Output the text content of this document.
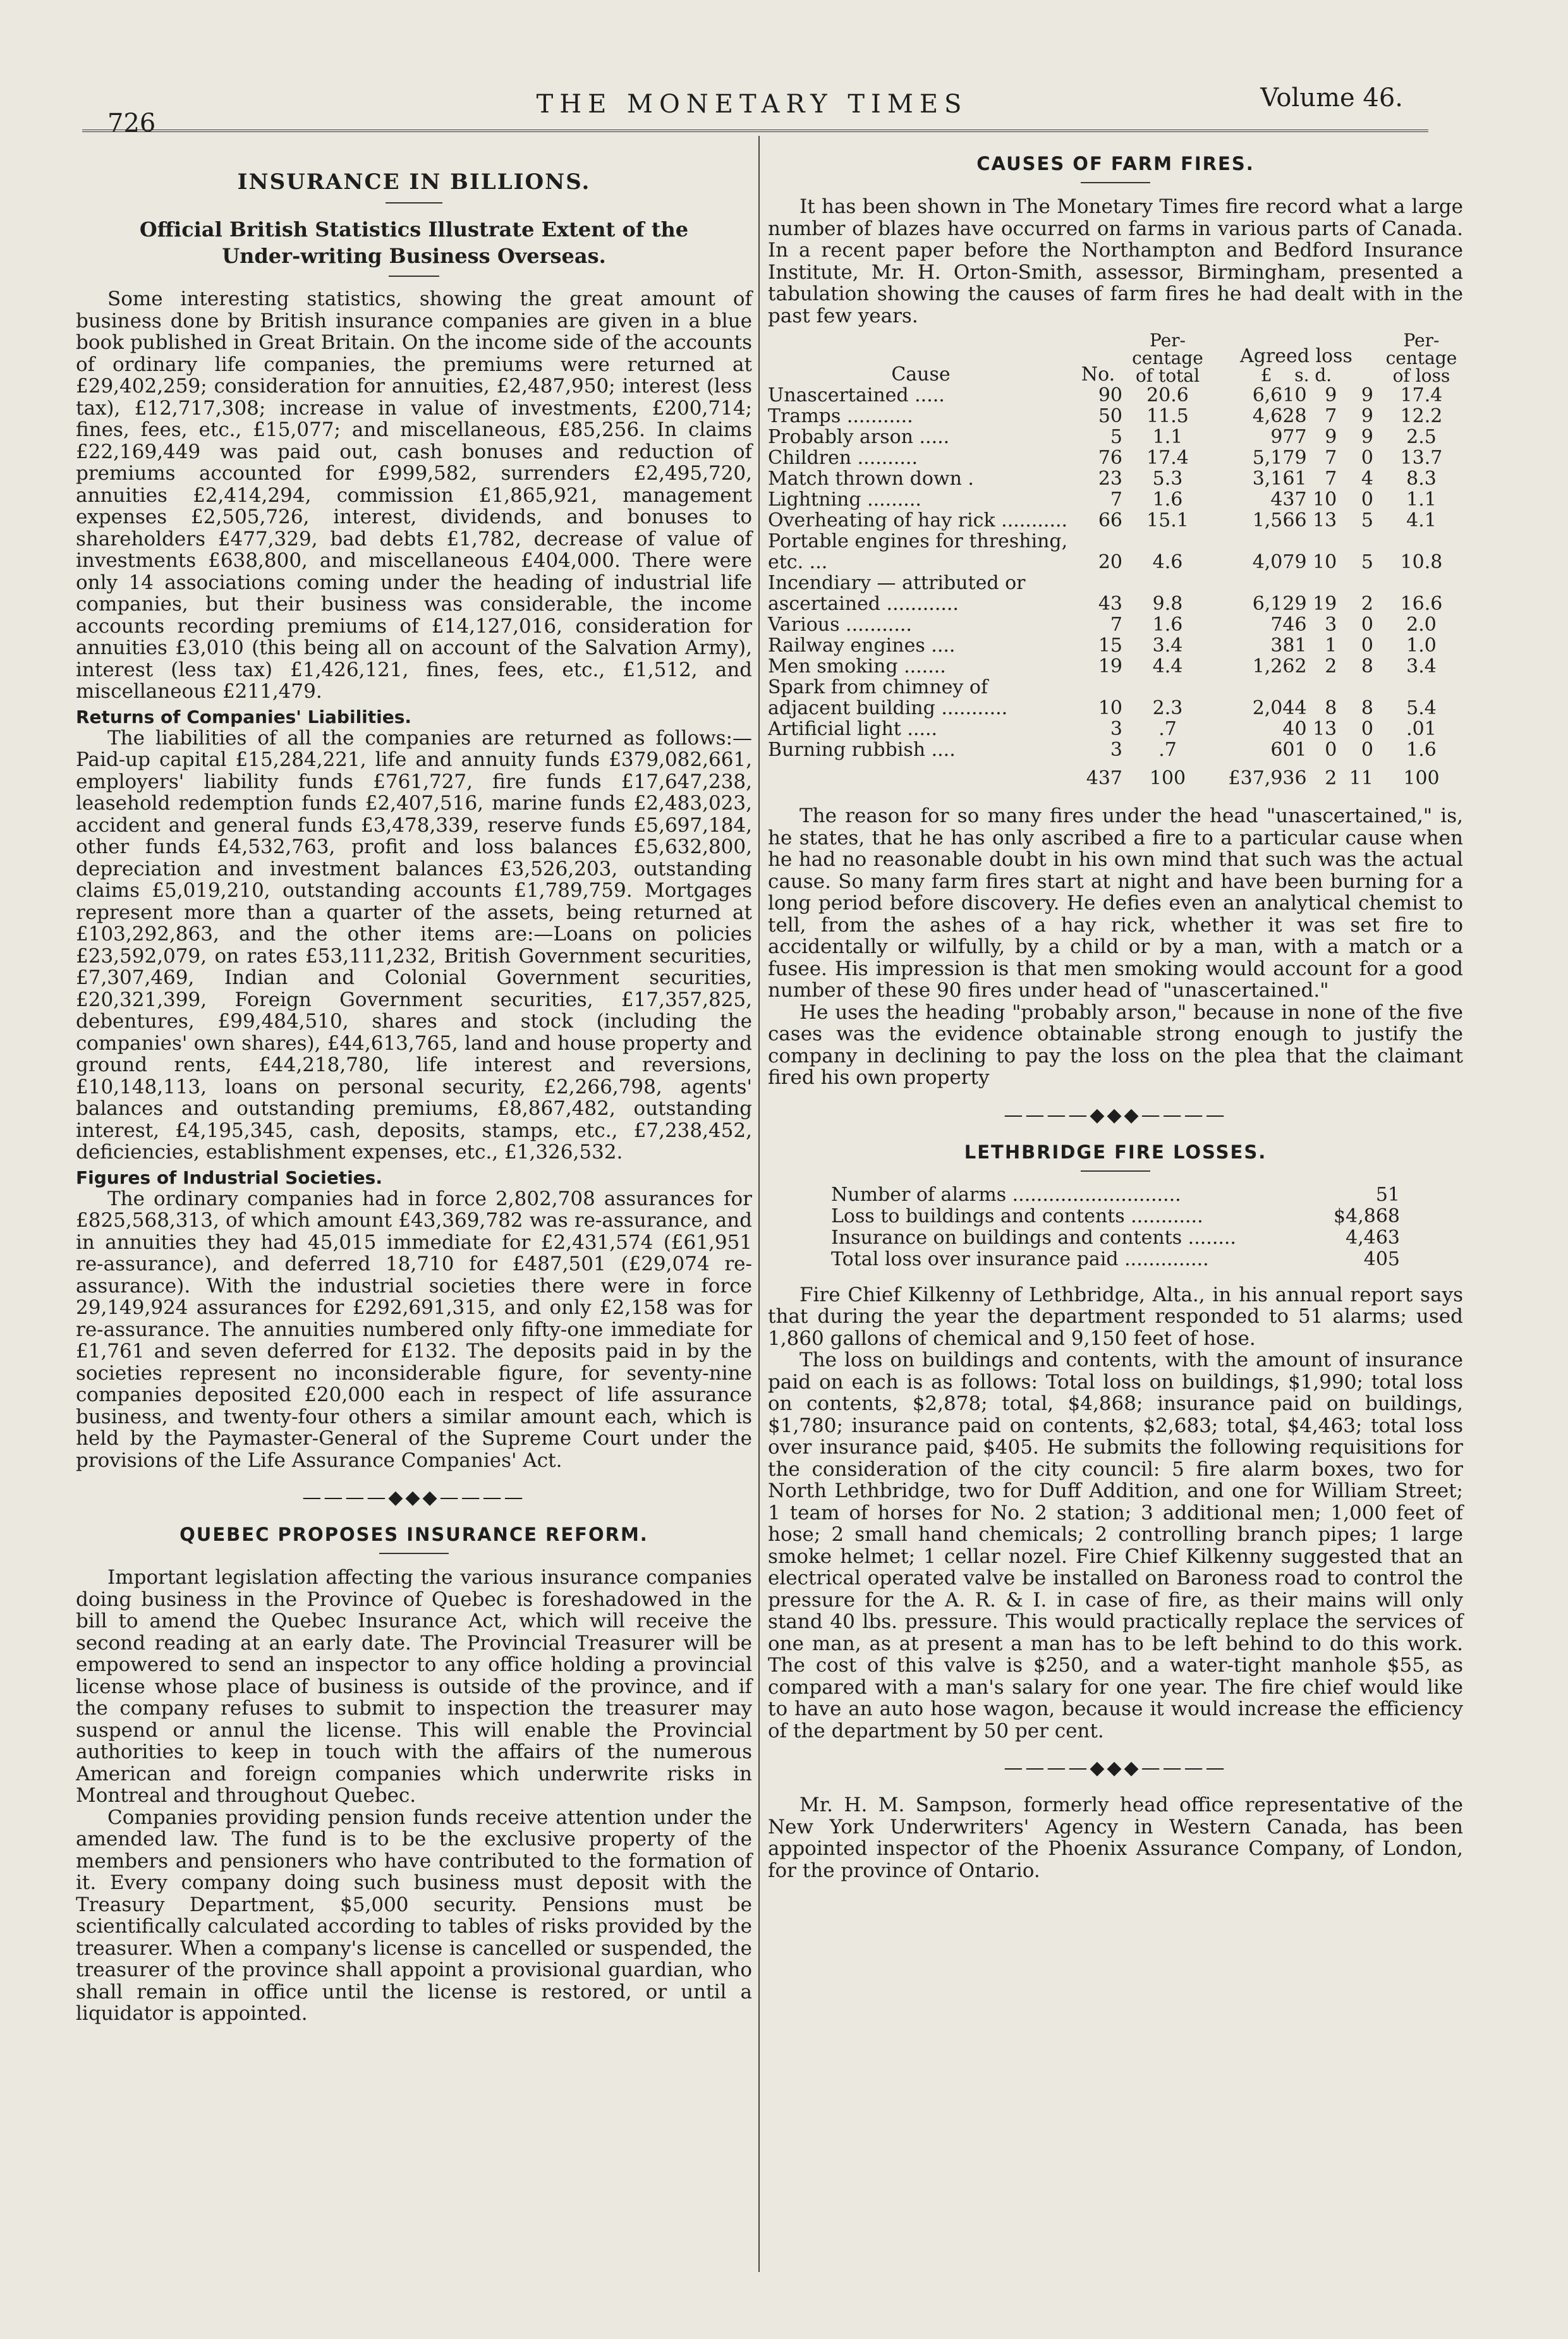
726
THE MONETARY TIMES	Volume 46.
INSURANCE IN BILLIONS.
Official British Statistics Illustrate Extent of the Under-writing Business Overseas.

Some interesting statistics, showing the great amount of business done by British insurance companies are given in a blue book published in Great Britain. On the income side of the accounts of ordinary life companies, the premiums were returned at £29,402,259; consideration for annuities, £2,487,950; interest (less tax), £12,717,308; increase in value of investments, £200,714; fines, fees, etc., £15,077; and miscellaneous, £85,256. In claims £22,169,449 was paid out, cash bonuses and reduction of premiums accounted for £999,582, surrenders £2,495,720, annuities £2,414,294, commission £1,865,921, management expenses £2,505,726, interest, dividends, and bonuses to shareholders £477,329, bad debts £1,782, decrease of value of investments £638,800, and miscellaneous £404,000. There were only 14 associations coming under the heading of industrial life companies, but their business was considerable, the income accounts recording premiums of £14,127,016, consideration for annuities £3,010 (this being all on account of the Salvation Army), interest (less tax) £1,426,121, fines, fees, etc., £1,512, and miscellaneous £211,479.

Returns of Companies' Liabilities.

The liabilities of all the companies are returned as follows:—Paid-up capital £15,284,221, life and annuity funds £379,082,661, employers' liability funds £761,727, fire funds £17,647,238, leasehold redemption funds £2,407,516, marine funds £2,483,023, accident and general funds £3,478,339, reserve funds £5,697,184, other funds £4,532,763, profit and loss balances £5,632,800, depreciation and investment balances £3,526,203, outstanding claims £5,019,210, outstanding accounts £1,789,759. Mortgages represent more than a quarter of the assets, being returned at £103,292,863, and the other items are:—Loans on policies £23,592,079, on rates £53,111,232, British Government securities, £7,307,469, Indian and Colonial Government securities, £20,321,399, Foreign Government securities, £17,357,825, debentures, £99,484,510, shares and stock (including the companies' own shares), £44,613,765, land and house property and ground rents, £44,218,780, life interest and reversions, £10,148,113, loans on personal security, £2,266,798, agents' balances and outstanding premiums, £8,867,482, outstanding interest, £4,195,345, cash, deposits, stamps, etc., £7,238,452, deficiencies, establishment expenses, etc., £1,326,532.

Figures of Industrial Societies.

The ordinary companies had in force 2,802,708 assurances for £825,568,313, of which amount £43,369,782 was re-assurance, and in annuities they had 45,015 immediate for £2,431,574 (£61,951 re-assurance), and deferred 18,710 for £487,501 (£29,074 re-assurance). With the industrial societies there were in force 29,149,924 assurances for £292,691,315, and only £2,158 was for re-assurance. The annuities numbered only fifty-one immediate for £1,761 and seven deferred for £132. The deposits paid in by the societies represent no inconsiderable figure, for seventy-nine companies deposited £20,000 each in respect of life assurance business, and twenty-four others a similar amount each, which is held by the Paymaster-General of the Supreme Court under the provisions of the Life Assurance Companies' Act.

————◆◆◆————
QUEBEC PROPOSES INSURANCE REFORM.

Important legislation affecting the various insurance companies doing business in the Province of Quebec is foreshadowed in the bill to amend the Quebec Insurance Act, which will receive the second reading at an early date. The Provincial Treasurer will be empowered to send an inspector to any office holding a provincial license whose place of business is outside of the province, and if the company refuses to submit to inspection the treasurer may suspend or annul the license. This will enable the Provincial authorities to keep in touch with the affairs of the numerous American and foreign companies which underwrite risks in Montreal and throughout Quebec.

Companies providing pension funds receive attention under the amended law. The fund is to be the exclusive property of the members and pensioners who have contributed to the formation of it. Every company doing such business must deposit with the Treasury Department, $5,000 security. Pensions must be scientifically calculated according to tables of risks provided by the treasurer. When a company's license is cancelled or suspended, the treasurer of the province shall appoint a provisional guardian, who shall remain in office until the license is restored, or until a liquidator is appointed.

CAUSES OF FARM FIRES.

It has been shown in The Monetary Times fire record what a large number of blazes have occurred on farms in various parts of Canada. In a recent paper before the Northampton and Bedford Insurance Institute, Mr. H. Orton-Smith, assessor, Birmingham, presented a tabulation showing the causes of farm fires he had dealt with in the past few years.

Cause	No.	Per-centage of total	Agreed loss
£    s. d.			Per-centage of loss
Unascertained .....	90	20.6	6,610	9	9	17.4
Tramps ...........	50	11.5	4,628	7	9	12.2
Probably arson .....	5	1.1	977	9	9	2.5
Children ..........	76	17.4	5,179	7	0	13.7
Match thrown down .	23	5.3	3,161	7	4	8.3
Lightning .........	7	1.6	437	10	0	1.1
Overheating of hay rick ...........	66	15.1	1,566	13	5	4.1
Portable engines for threshing, etc. ...	20	4.6	4,079	10	5	10.8
Incendiary — attributed or ascertained ............	43	9.8	6,129	19	2	16.6
Various ...........	7	1.6	746	3	0	2.0
Railway engines ....	15	3.4	381	1	0	1.0
Men smoking .......	19	4.4	1,262	2	8	3.4
Spark from chimney of adjacent building ...........	10	2.3	2,044	8	8	5.4
Artificial light .....	3	.7	40	13	0	.01
Burning rubbish ....	3	.7	601	0	0	1.6
	437	100	£37,936	2	11	100

The reason for so many fires under the head "unascertained," is, he states, that he has only ascribed a fire to a particular cause when he had no reasonable doubt in his own mind that such was the actual cause. So many farm fires start at night and have been burning for a long period before discovery. He defies even an analytical chemist to tell, from the ashes of a hay rick, whether it was set fire to accidentally or wilfully, by a child or by a man, with a match or a fusee. His impression is that men smoking would account for a good number of these 90 fires under head of "unascertained."

He uses the heading "probably arson," because in none of the five cases was the evidence obtainable strong enough to justify the company in declining to pay the loss on the plea that the claimant fired his own property

————◆◆◆————
LETHBRIDGE FIRE LOSSES.
Number of alarms ............................	51
Loss to buildings and contents ............	$4,868
Insurance on buildings and contents ........	4,463
Total loss over insurance paid ..............	405

Fire Chief Kilkenny of Lethbridge, Alta., in his annual report says that during the year the department responded to 51 alarms; used 1,860 gallons of chemical and 9,150 feet of hose.

The loss on buildings and contents, with the amount of insurance paid on each is as follows: Total loss on buildings, $1,990; total loss on contents, $2,878; total, $4,868; insurance paid on buildings, $1,780; insurance paid on contents, $2,683; total, $4,463; total loss over insurance paid, $405. He submits the following requisitions for the consideration of the city council: 5 fire alarm boxes, two for North Lethbridge, two for Duff Addition, and one for William Street; 1 team of horses for No. 2 station; 3 additional men; 1,000 feet of hose; 2 small hand chemicals; 2 controlling branch pipes; 1 large smoke helmet; 1 cellar nozel. Fire Chief Kilkenny suggested that an electrical operated valve be installed on Baroness road to control the pressure for the A. R. & I. in case of fire, as their mains will only stand 40 lbs. pressure. This would practically replace the services of one man, as at present a man has to be left behind to do this work. The cost of this valve is $250, and a water-tight manhole $55, as compared with a man's salary for one year. The fire chief would like to have an auto hose wagon, because it would increase the efficiency of the department by 50 per cent.

————◆◆◆————

Mr. H. M. Sampson, formerly head office representative of the New York Underwriters' Agency in Western Canada, has been appointed inspector of the Phoenix Assurance Company, of London, for the province of Ontario.
